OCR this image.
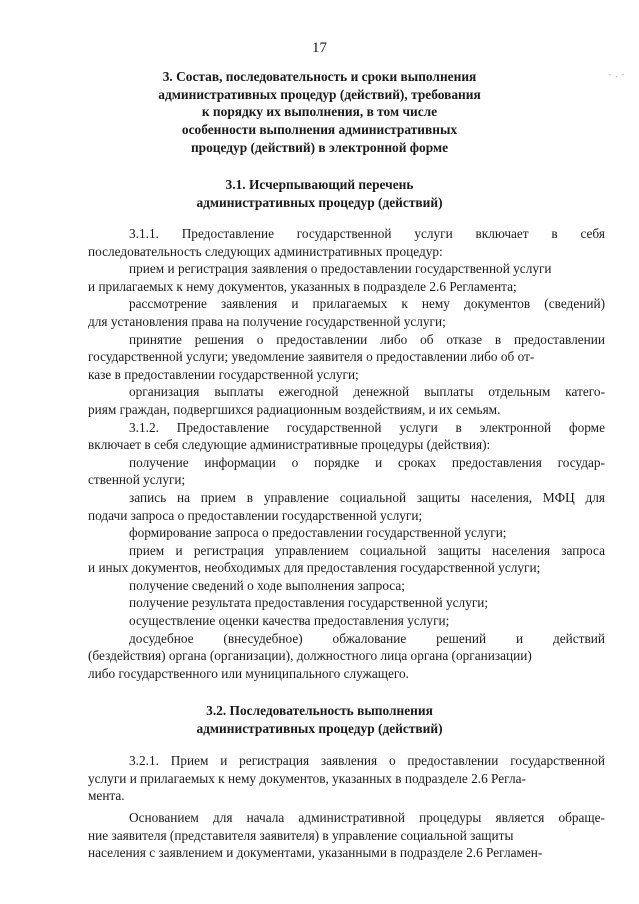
17
‑ . ‑
3. Состав, последовательность и сроки выполнения
административных процедур (действий), требования
к порядку их выполнения, в том числе
особенности выполнения административных
процедур (действий) в электронной форме
3.1. Исчерпывающий перечень
административных процедур (действий)
3.1.1. Предоставление государственной услуги включает в себя
последовательность следующих административных процедур:
прием и регистрация заявления о предоставлении государственной услуги
и прилагаемых к нему документов, указанных в подразделе 2.6 Регламента;
рассмотрение заявления и прилагаемых к нему документов (сведений)
для установления права на получение государственной услуги;
принятие решения о предоставлении либо об отказе в предоставлении
государственной услуги; уведомление заявителя о предоставлении либо об от-
казе в предоставлении государственной услуги;
организация выплаты ежегодной денежной выплаты отдельным катего-
риям граждан, подвергшихся радиационным воздействиям, и их семьям.
3.1.2. Предоставление государственной услуги в электронной форме
включает в себя следующие административные процедуры (действия):
получение информации о порядке и сроках предоставления государ-
ственной услуги;
запись на прием в управление социальной защиты населения, МФЦ для
подачи запроса о предоставлении государственной услуги;
формирование запроса о предоставлении государственной услуги;
прием и регистрация управлением социальной защиты населения запроса
и иных документов, необходимых для предоставления государственной услуги;
получение сведений о ходе выполнения запроса;
получение результата предоставления государственной услуги;
осуществление оценки качества предоставления услуги;
досудебное (внесудебное) обжалование решений и действий
(бездействия) органа (организации), должностного лица органа (организации)
либо государственного или муниципального служащего.
3.2. Последовательность выполнения
административных процедур (действий)
3.2.1. Прием и регистрация заявления о предоставлении государственной
услуги и прилагаемых к нему документов, указанных в подразделе 2.6 Регла-
мента.
Основанием для начала административной процедуры является обраще-
ние заявителя (представителя заявителя) в управление социальной защиты
населения с заявлением и документами, указанными в подразделе 2.6 Регламен-
